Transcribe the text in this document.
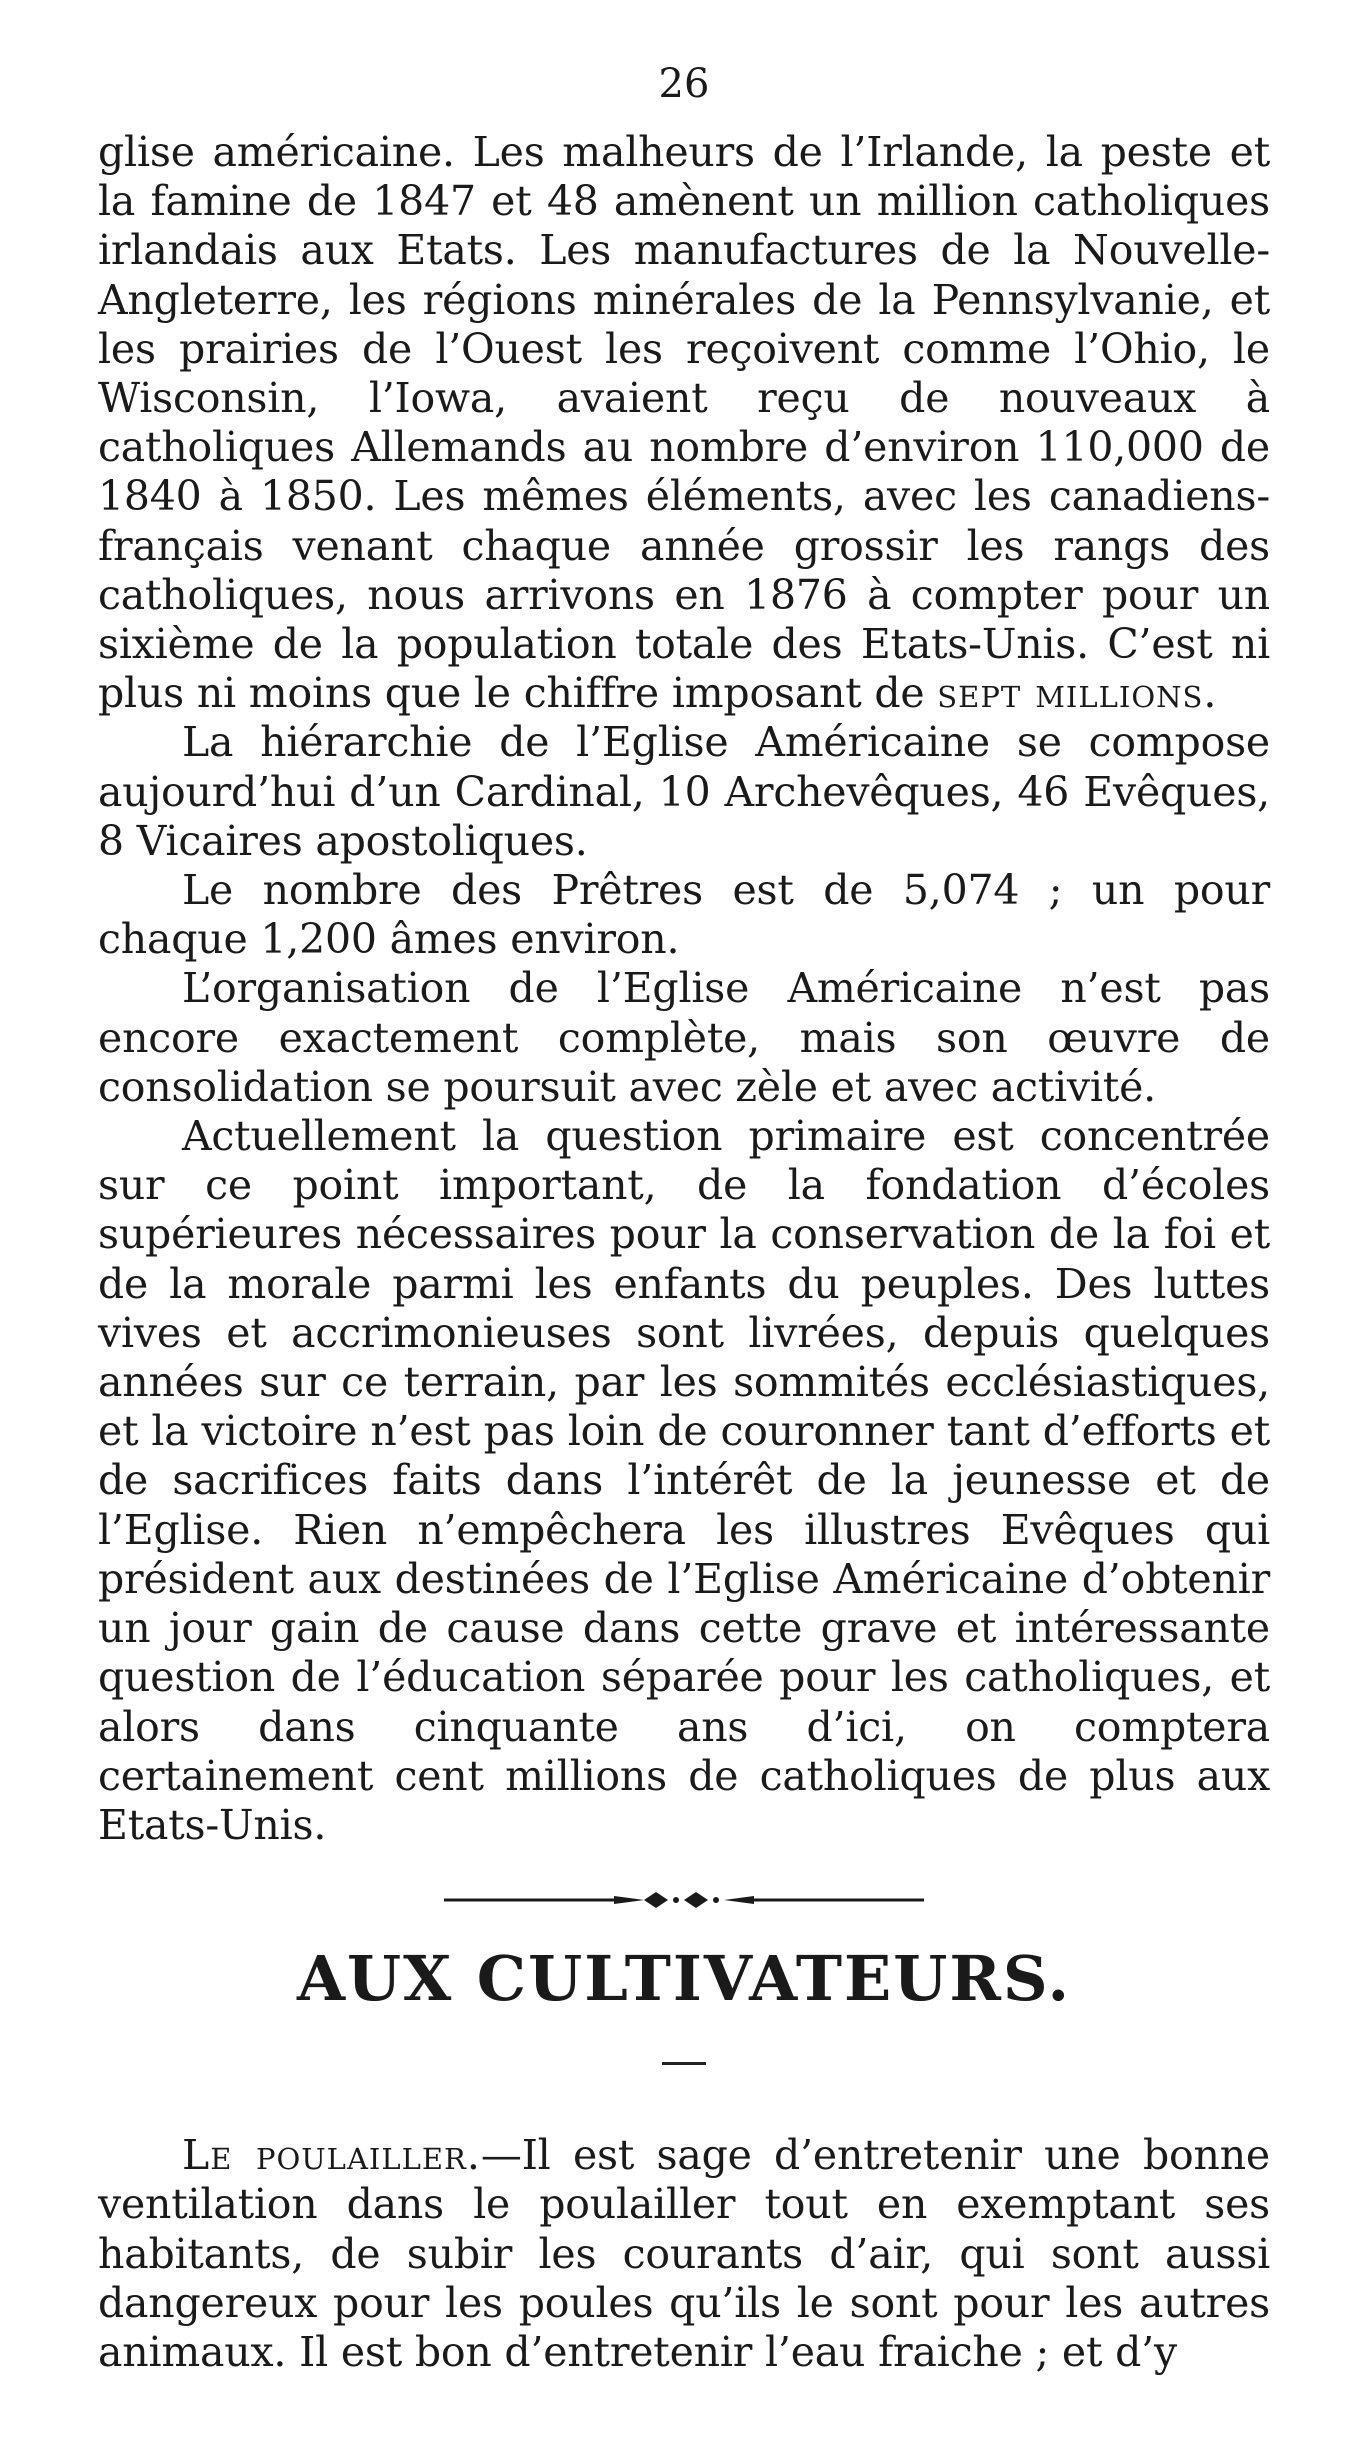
26

glise américaine. Les malheurs de l’Irlande, la peste et la famine de 1847 et 48 amènent un million catholiques irlandais aux Etats. Les manufactures de la Nouvelle-Angleterre, les régions minérales de la Pennsylvanie, et les prairies de l’Ouest les reçoivent comme l’Ohio, le Wisconsin, l’Iowa, avaient reçu de nouveaux à catholiques Allemands au nombre d’environ 110,000 de 1840 à 1850. Les mêmes éléments, avec les canadiens-français venant chaque année grossir les rangs des catholiques, nous arrivons en 1876 à compter pour un sixième de la population totale des Etats-Unis. C’est ni plus ni moins que le chiffre imposant de sept millions.

La hiérarchie de l’Eglise Américaine se compose aujourd’hui d’un Cardinal, 10 Archevêques, 46 Evêques, 8 Vicaires apostoliques.

Le nombre des Prêtres est de 5,074 ; un pour chaque 1,200 âmes environ.

L’organisation de l’Eglise Américaine n’est pas encore exactement complète, mais son œuvre de consolidation se poursuit avec zèle et avec activité.

Actuellement la question primaire est concentrée sur ce point important, de la fondation d’écoles supérieures nécessaires pour la conservation de la foi et de la morale parmi les enfants du peuples. Des luttes vives et accrimonieuses sont livrées, depuis quelques années sur ce terrain, par les sommités ecclésiastiques, et la victoire n’est pas loin de couronner tant d’efforts et de sacrifices faits dans l’intérêt de la jeunesse et de l’Eglise. Rien n’empêchera les illustres Evêques qui président aux destinées de l’Eglise Américaine d’obtenir un jour gain de cause dans cette grave et intéressante question de l’éducation séparée pour les catholiques, et alors dans cinquante ans d’ici, on comptera certainement cent millions de catholiques de plus aux Etats-Unis.

AUX CULTIVATEURS.

Le poulailler.—Il est sage d’entretenir une bonne ventilation dans le poulailler tout en exemptant ses habitants, de subir les courants d’air, qui sont aussi dangereux pour les poules qu’ils le sont pour les autres animaux. Il est bon d’entretenir l’eau fraiche ; et d’y
